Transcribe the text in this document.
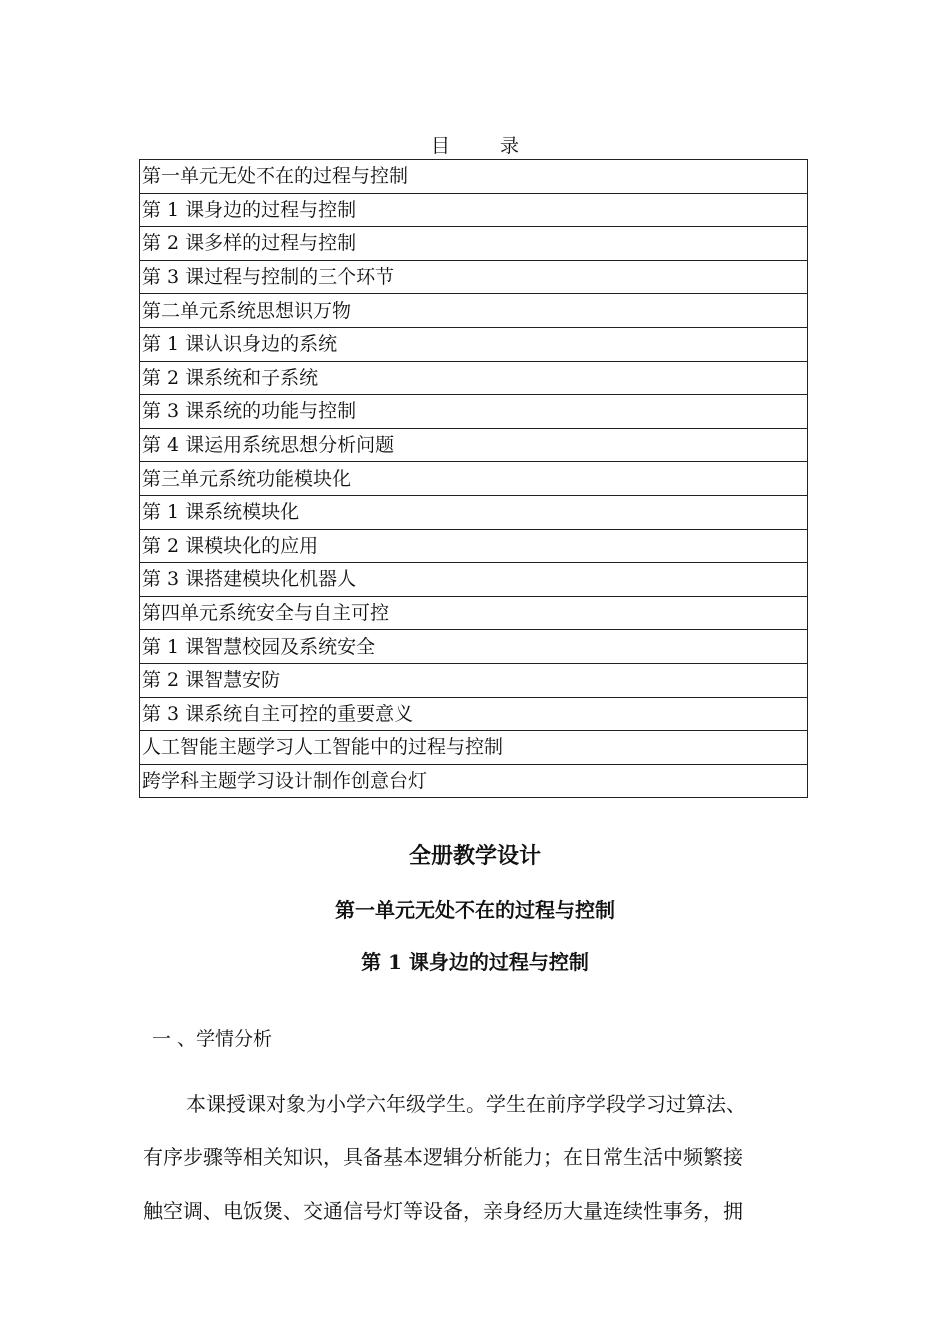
目 录
第一单元无处不在的过程与控制
第 1 课身边的过程与控制
第 2 课多样的过程与控制
第 3 课过程与控制的三个环节
第二单元系统思想识万物
第 1 课认识身边的系统
第 2 课系统和子系统
第 3 课系统的功能与控制
第 4 课运用系统思想分析问题
第三单元系统功能模块化
第 1 课系统模块化
第 2 课模块化的应用
第 3 课搭建模块化机器人
第四单元系统安全与自主可控
第 1 课智慧校园及系统安全
第 2 课智慧安防
第 3 课系统自主可控的重要意义
人工智能主题学习人工智能中的过程与控制
跨学科主题学习设计制作创意台灯
全册教学设计
第一单元无处不在的过程与控制
第 1 课身边的过程与控制
一 、学情分析
本课授课对象为小学六年级学生。学生在前序学段学习过算法、
有序步骤等相关知识，具备基本逻辑分析能力；在日常生活中频繁接
触空调、电饭煲、交通信号灯等设备，亲身经历大量连续性事务，拥
